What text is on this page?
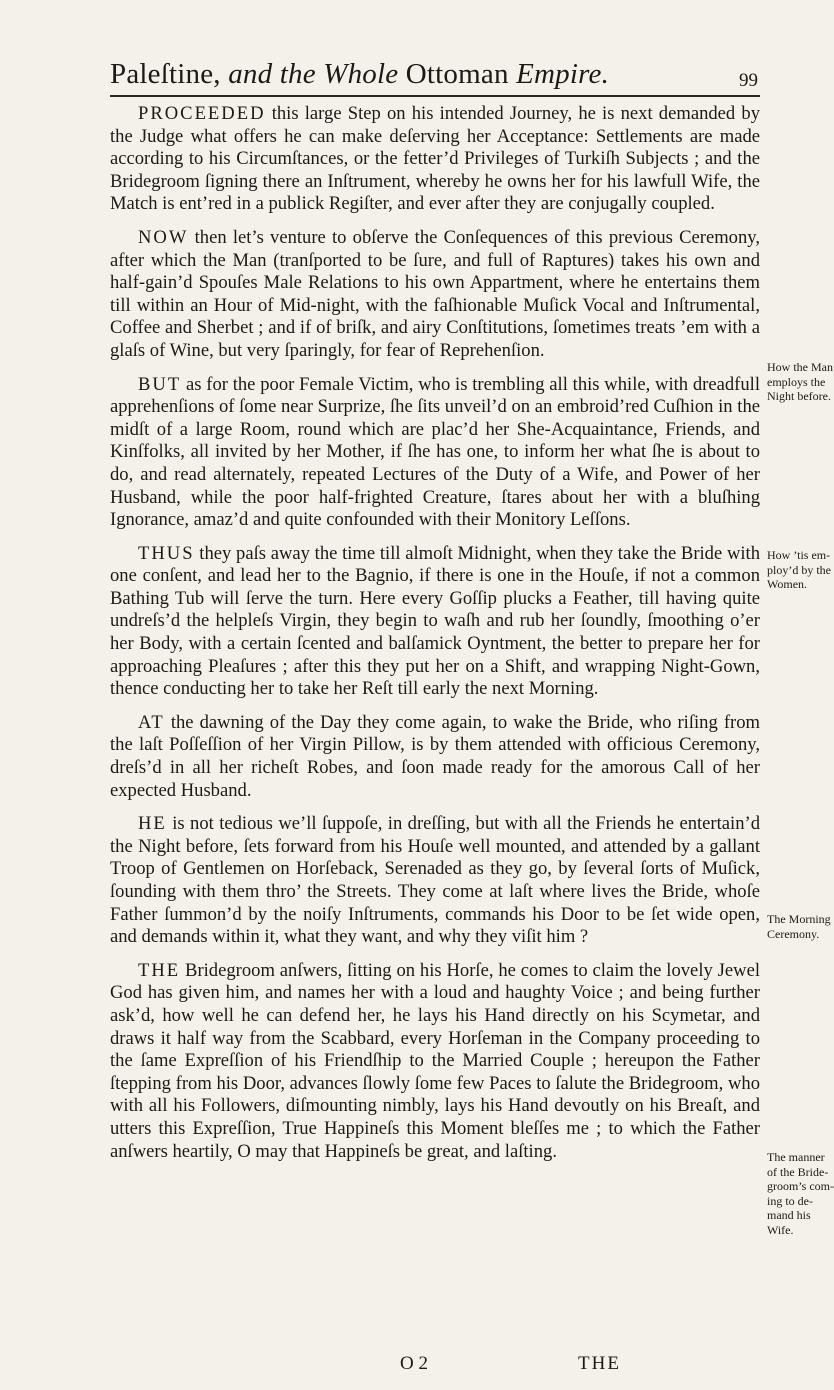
Paleſtine, and the Whole Ottoman Empire.	99

PROCEEDED this large Step on his intended Journey, he is next demanded by the Judge what offers he can make deſerving her Acceptance: Settlements are made according to his Circumſtances, or the fetter’d Privileges of Turkiſh Subjects ; and the Bridegroom ſigning there an Inſtrument, whereby he owns her for his lawfull Wife, the Match is ent’red in a publick Regiſter, and ever after they are conjugally coupled.

NOW then let’s venture to obſerve the Conſequences of this previous Ceremony, after which the Man (tranſported to be ſure, and full of Raptures) takes his own and half-gain’d Spouſes Male Relations to his own Appartment, where he entertains them till within an Hour of Mid-night, with the faſhionable Muſick Vocal and Inſtrumental, Coffee and Sherbet ; and if of briſk, and airy Conſtitutions, ſometimes treats ’em with a glaſs of Wine, but very ſparingly, for fear of Reprehenſion.

BUT as for the poor Female Victim, who is trembling all this while, with dreadfull apprehenſions of ſome near Surprize, ſhe ſits unveil’d on an embroid’red Cuſhion in the midſt of a large Room, round which are plac’d her She-Acquaintance, Friends, and Kinſfolks, all invited by her Mother, if ſhe has one, to inform her what ſhe is about to do, and read alternately, repeated Lectures of the Duty of a Wife, and Power of her Husband, while the poor half-frighted Creature, ſtares about her with a bluſhing Ignorance, amaz’d and quite confounded with their Monitory Leſſons.

THUS they paſs away the time till almoſt Midnight, when they take the Bride with one conſent, and lead her to the Bagnio, if there is one in the Houſe, if not a common Bathing Tub will ſerve the turn. Here every Goſſip plucks a Feather, till having quite undreſs’d the helpleſs Virgin, they begin to waſh and rub her ſoundly, ſmoothing o’er her Body, with a certain ſcented and balſamick Oyntment, the better to prepare her for approaching Pleaſures ; after this they put her on a Shift, and wrapping Night-Gown, thence conducting her to take her Reſt till early the next Morning.

AT the dawning of the Day they come again, to wake the Bride, who riſing from the laſt Poſſeſſion of her Virgin Pillow, is by them attended with officious Ceremony, dreſs’d in all her richeſt Robes, and ſoon made ready for the amorous Call of her expected Husband.

HE is not tedious we’ll ſuppoſe, in dreſſing, but with all the Friends he entertain’d the Night before, ſets forward from his Houſe well mounted, and attended by a gallant Troop of Gentlemen on Horſeback, Serenaded as they go, by ſeveral ſorts of Muſick, ſounding with them thro’ the Streets. They come at laſt where lives the Bride, whoſe Father ſummon’d by the noiſy Inſtruments, commands his Door to be ſet wide open, and demands within it, what they want, and why they viſit him ?

THE Bridegroom anſwers, ſitting on his Horſe, he comes to claim the lovely Jewel God has given him, and names her with a loud and haughty Voice ; and being further ask’d, how well he can defend her, he lays his Hand directly on his Scymetar, and draws it half way from the Scabbard, every Horſeman in the Company proceeding to the ſame Expreſſion of his Friendſhip to the Married Couple ; hereupon the Father ſtepping from his Door, advances ſlowly ſome few Paces to ſalute the Bridegroom, who with all his Followers, diſmounting nimbly, lays his Hand devoutly on his Breaſt, and utters this Expreſſion, True Happineſs this Moment bleſſes me ; to which the Father anſwers heartily, O may that Happineſs be great, and laſting.

How the Man
employs the
Night before.
How ’tis em-
ploy’d by the
Women.
The Morning
Ceremony.
The manner
of the Bride-
groom’s com-
ing to de-
mand his
Wife.
O 2	THE
